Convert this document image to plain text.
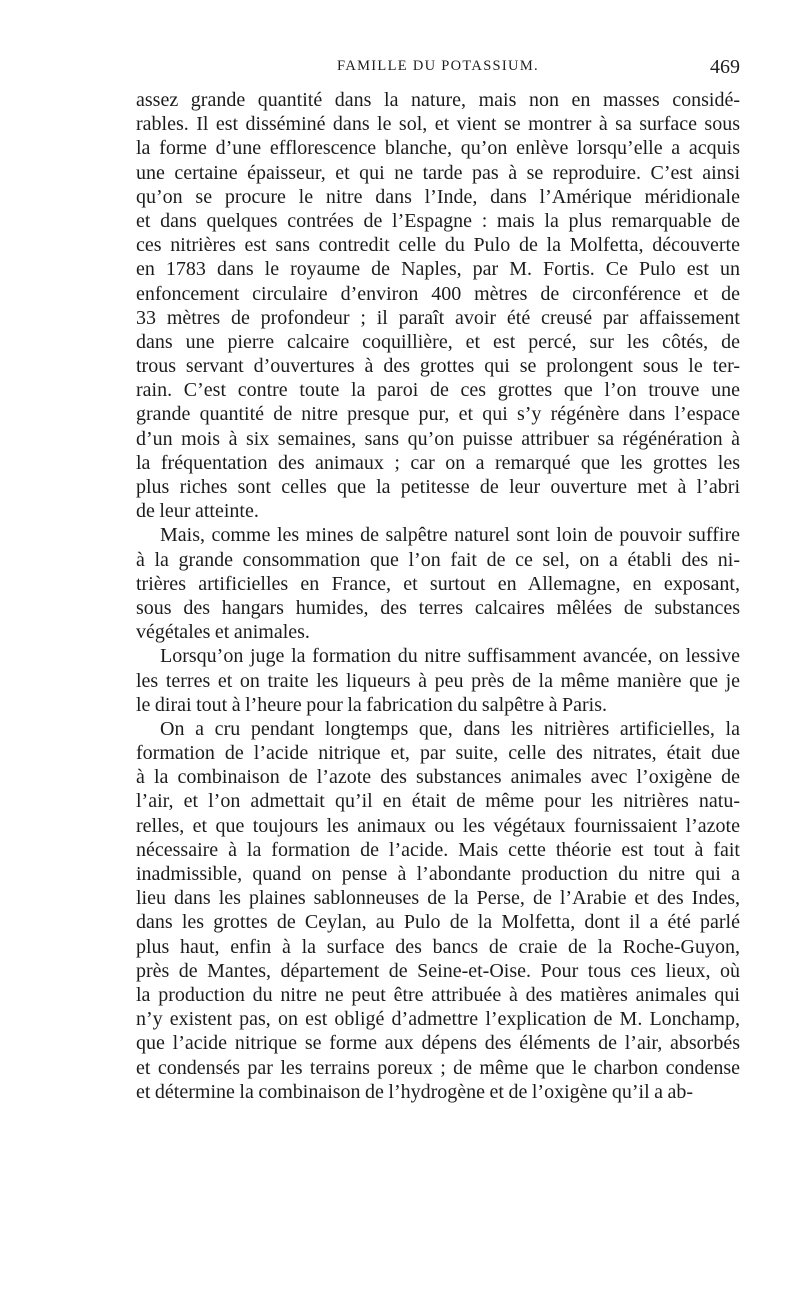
FAMILLE DU POTASSIUM.	469
assez grande quantité dans la nature, mais non en masses considé-
rables. Il est disséminé dans le sol, et vient se montrer à sa surface sous
la forme d’une efflorescence blanche, qu’on enlève lorsqu’elle a acquis
une certaine épaisseur, et qui ne tarde pas à se reproduire. C’est ainsi
qu’on se procure le nitre dans l’Inde, dans l’Amérique méridionale
et dans quelques contrées de l’Espagne : mais la plus remarquable de
ces nitrières est sans contredit celle du Pulo de la Molfetta, découverte
en 1783 dans le royaume de Naples, par M. Fortis. Ce Pulo est un
enfoncement circulaire d’environ 400 mètres de circonférence et de
33 mètres de profondeur ; il paraît avoir été creusé par affaissement
dans une pierre calcaire coquillière, et est percé, sur les côtés, de
trous servant d’ouvertures à des grottes qui se prolongent sous le ter-
rain. C’est contre toute la paroi de ces grottes que l’on trouve une
grande quantité de nitre presque pur, et qui s’y régénère dans l’espace
d’un mois à six semaines, sans qu’on puisse attribuer sa régénération à
la fréquentation des animaux ; car on a remarqué que les grottes les
plus riches sont celles que la petitesse de leur ouverture met à l’abri
de leur atteinte.
Mais, comme les mines de salpêtre naturel sont loin de pouvoir suffire
à la grande consommation que l’on fait de ce sel, on a établi des ni-
trières artificielles en France, et surtout en Allemagne, en exposant,
sous des hangars humides, des terres calcaires mêlées de substances
végétales et animales.
Lorsqu’on juge la formation du nitre suffisamment avancée, on lessive
les terres et on traite les liqueurs à peu près de la même manière que je
le dirai tout à l’heure pour la fabrication du salpêtre à Paris.
On a cru pendant longtemps que, dans les nitrières artificielles, la
formation de l’acide nitrique et, par suite, celle des nitrates, était due
à la combinaison de l’azote des substances animales avec l’oxigène de
l’air, et l’on admettait qu’il en était de même pour les nitrières natu-
relles, et que toujours les animaux ou les végétaux fournissaient l’azote
nécessaire à la formation de l’acide. Mais cette théorie est tout à fait
inadmissible, quand on pense à l’abondante production du nitre qui a
lieu dans les plaines sablonneuses de la Perse, de l’Arabie et des Indes,
dans les grottes de Ceylan, au Pulo de la Molfetta, dont il a été parlé
plus haut, enfin à la surface des bancs de craie de la Roche-Guyon,
près de Mantes, département de Seine-et-Oise. Pour tous ces lieux, où
la production du nitre ne peut être attribuée à des matières animales qui
n’y existent pas, on est obligé d’admettre l’explication de M. Lonchamp,
que l’acide nitrique se forme aux dépens des éléments de l’air, absorbés
et condensés par les terrains poreux ; de même que le charbon condense
et détermine la combinaison de l’hydrogène et de l’oxigène qu’il a ab-
